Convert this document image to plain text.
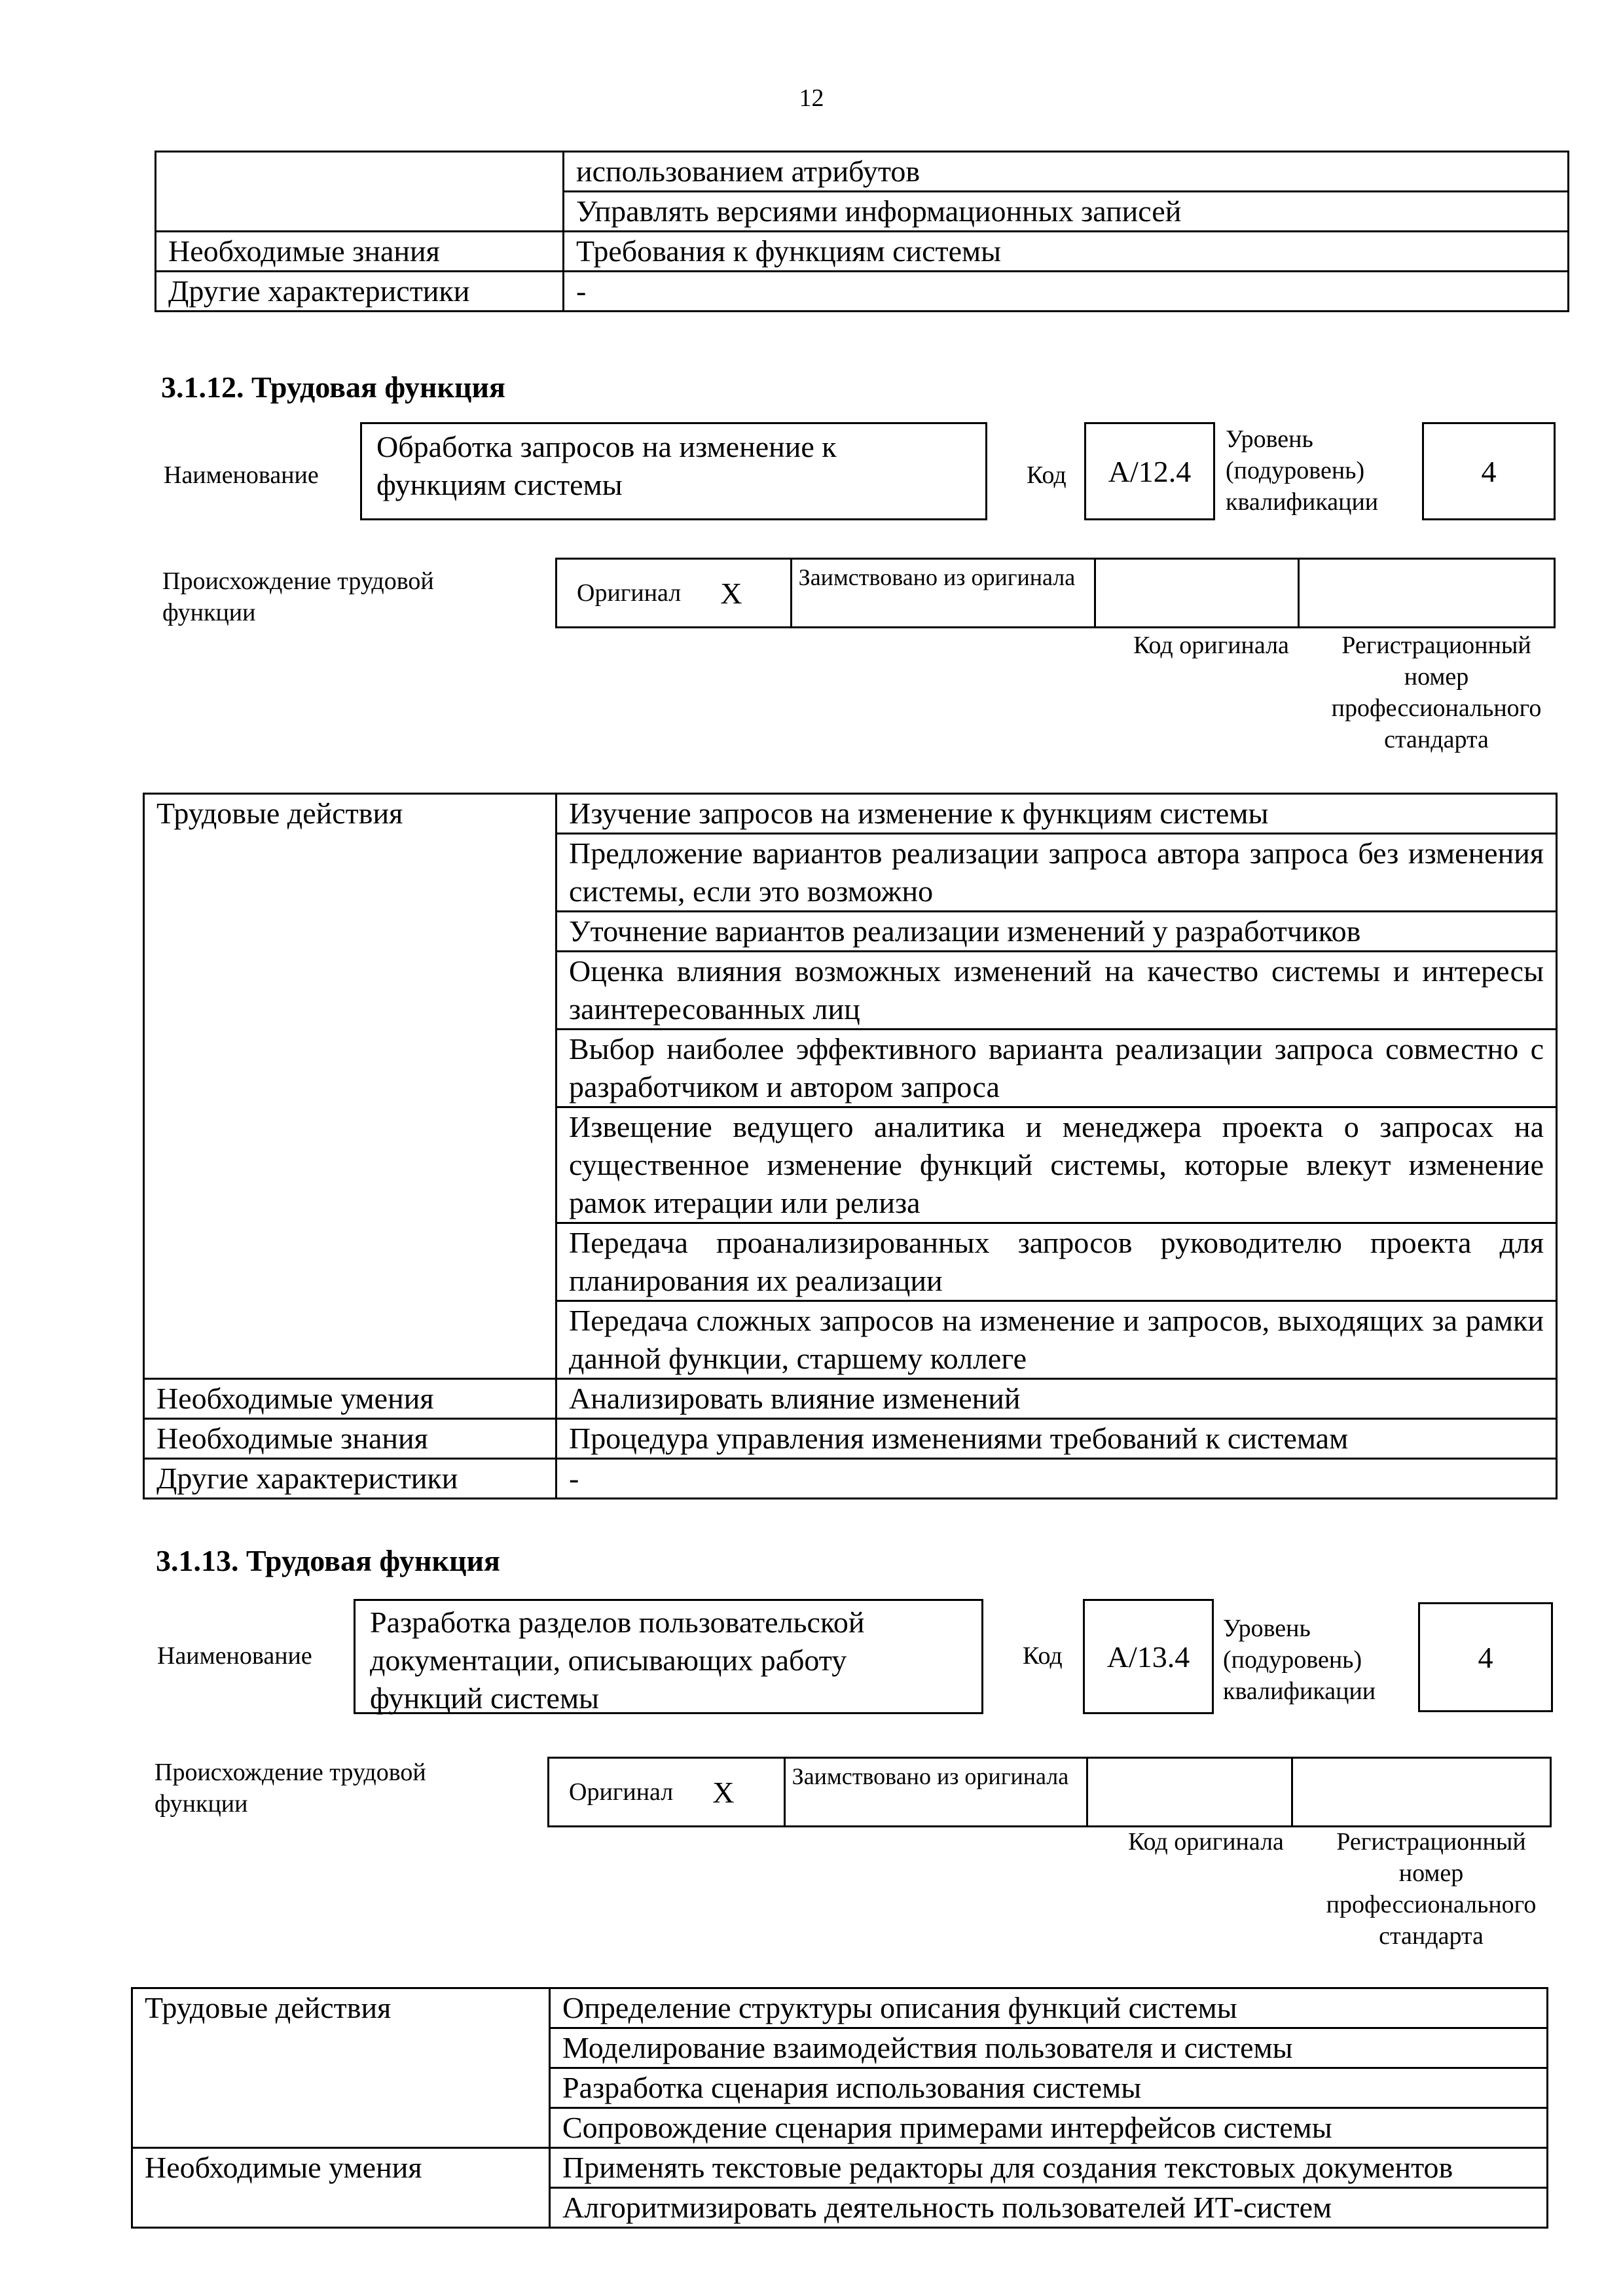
12
	использованием атрибутов
	Управлять версиями информационных записей
Необходимые знания	Требования к функциям системы
Другие характеристики	-
3.1.12. Трудовая функция
Наименование
Обработка запросов на изменение к функциям системы	Код	A/12.4
Уровень (подуровень) квалификации
4
Происхождение трудовой функции
Оригинал X Заимствовано из оригинала
Код оригинала	Регистрационный номер профессионального стандарта
Трудовые действия	Изучение запросов на изменение к функциям системы
	Предложение вариантов реализации запроса автора запроса без изменения системы, если это возможно
	Уточнение вариантов реализации изменений у разработчиков
	Оценка влияния возможных изменений на качество системы и интересы заинтересованных лиц
	Выбор наиболее эффективного варианта реализации запроса совместно с разработчиком и автором запроса
	Извещение ведущего аналитика и менеджера проекта о запросах на существенное изменение функций системы, которые влекут изменение рамок итерации или релиза
	Передача проанализированных запросов руководителю проекта для планирования их реализации
	Передача сложных запросов на изменение и запросов, выходящих за рамки данной функции, старшему коллеге
Необходимые умения	Анализировать влияние изменений
Необходимые знания	Процедура управления изменениями требований к системам
Другие характеристики	-
3.1.13. Трудовая функция
Наименование
Разработка разделов пользовательской документации, описывающих работу функций системы
Код	A/13.4
Уровень (подуровень) квалификации
4
Происхождение трудовой функции	Оригинал X Заимствовано из оригинала
Код оригинала	Регистрационный номер профессионального стандарта
Трудовые действия	Определение структуры описания функций системы
	Моделирование взаимодействия пользователя и системы
	Разработка сценария использования системы
	Сопровождение сценария примерами интерфейсов системы
Необходимые умения	Применять текстовые редакторы для создания текстовых документов
	Алгоритмизировать деятельность пользователей ИТ-систем
